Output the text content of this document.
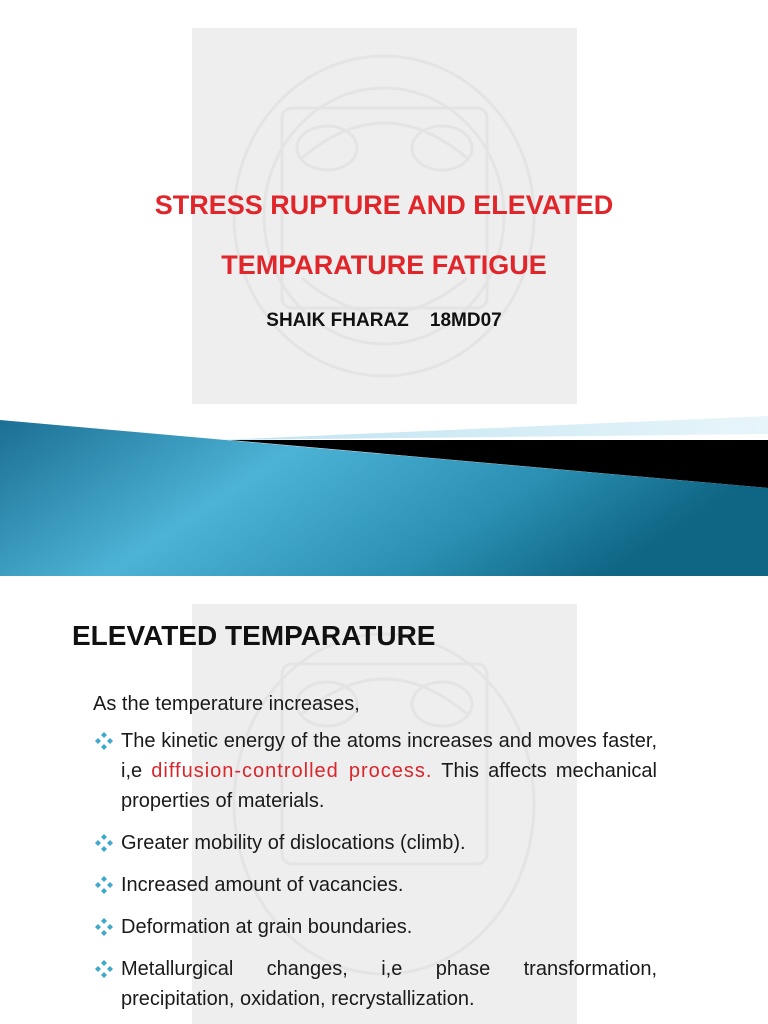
STRESS RUPTURE AND ELEVATED
TEMPARATURE FATIGUE
SHAIK FHARAZ    18MD07
ELEVATED TEMPARATURE
As the temperature increases,
The kinetic energy of the atoms increases and moves faster, i,e diffusion-controlled process. This affects mechanical properties of materials.
Greater mobility of dislocations (climb).
Increased amount of vacancies.
Deformation at grain boundaries.
Metallurgical changes, i,e phase transformation, precipitation, oxidation, recrystallization.
